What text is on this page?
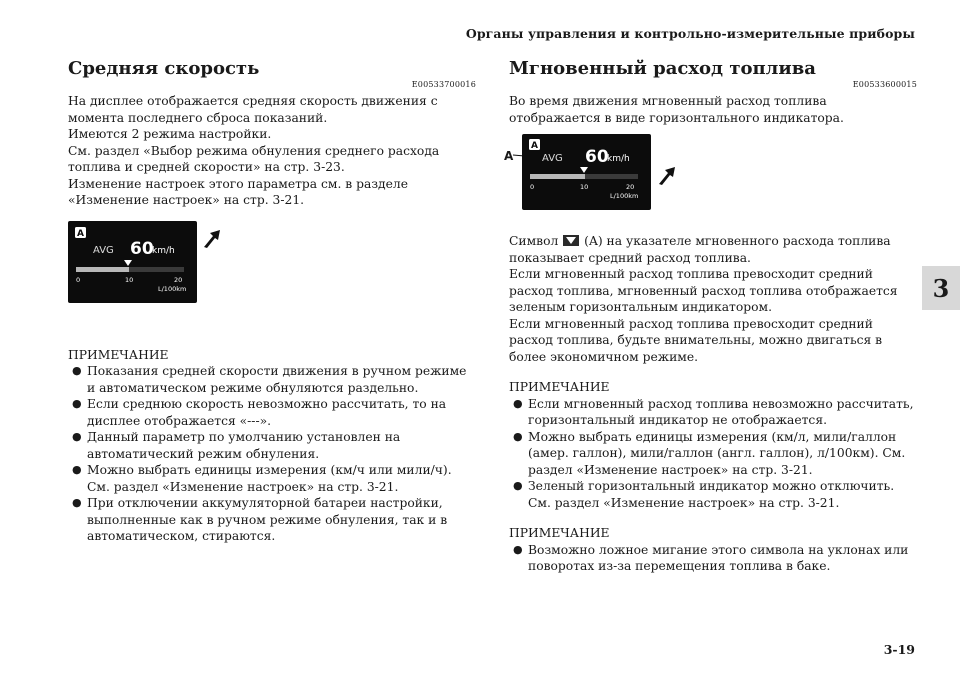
Органы управления и контрольно-измерительные приборы
3
3-19
Средняя скорость
E00533700016

На дисплее отображается средняя скорость движения с момента последнего сброса показаний.

Имеются 2 режима настройки.

См. раздел «Выбор режима обнуления среднего расхода топлива и средней скорости» на стр. 3-23.

Изменение настроек этого параметра см. в разделе «Изменение настроек» на стр. 3-21.

A
AVG 60
km/h
0	10	20
L/100km
ПРИМЕЧАНИЕ
● Показания средней скорости движения в ручном режиме и автоматическом режиме обнуляются раздельно.
● Если среднюю скорость невозможно рассчитать, то на дисплее отображается «---».
● Данный параметр по умолчанию установлен на автоматический режим обнуления.
● Можно выбрать единицы измерения (км/ч или мили/ч). См. раздел «Изменение настроек» на стр. 3-21.
● При отключении аккумуляторной батареи настройки, выполненные как в ручном режиме обнуления, так и в автоматическом, стираются.
Мгновенный расход топлива
E00533600015

Во время движения мгновенный расход топлива отображается в виде горизонтального индикатора.

A
A
AVG 60
km/h
0	10	20
L/100km

Символ (A) на указателе мгновенного расхода топлива показывает средний расход топлива.

Если мгновенный расход топлива превосходит средний расход топлива, мгновенный расход топлива отображается зеленым горизонтальным индикатором.

Если мгновенный расход топлива превосходит средний расход топлива, будьте внимательны, можно двигаться в более экономичном режиме.

ПРИМЕЧАНИЕ
● Если мгновенный расход топлива невозможно рассчитать, горизонтальный индикатор не отображается.
● Можно выбрать единицы измерения (км/л, мили/галлон (амер. галлон), мили/галлон (англ. галлон), л/100км). См. раздел «Изменение настроек» на стр. 3-21.
● Зеленый горизонтальный индикатор можно отключить. См. раздел «Изменение настроек» на стр. 3-21.
ПРИМЕЧАНИЕ
● Возможно ложное мигание этого символа на уклонах или поворотах из-за перемещения топлива в баке.
